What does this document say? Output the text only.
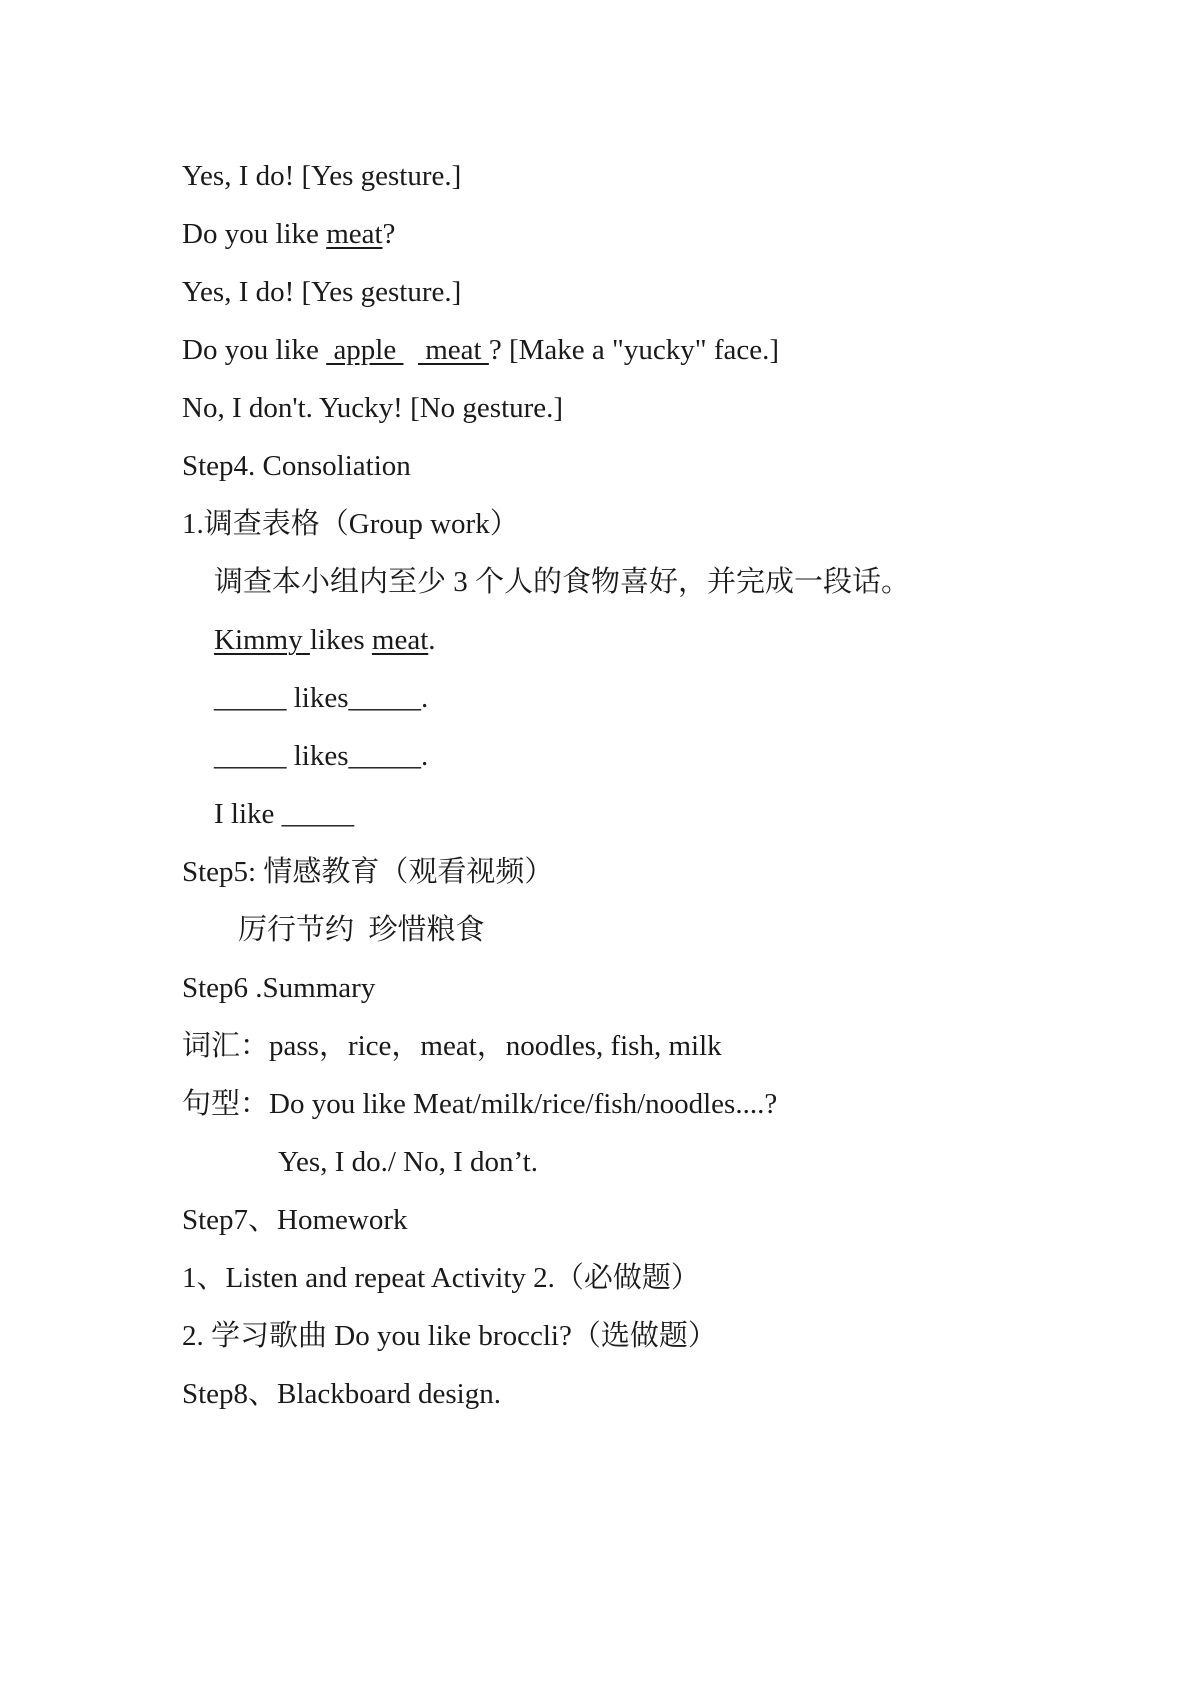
Yes, I do! [Yes gesture.]
Do you like meat?
Yes, I do! [Yes gesture.]
Do you like  apple    meat ? [Make a "yucky" face.]
No, I don't. Yucky! [No gesture.]
Step4. Consoliation
1.调查表格（Group work）
调查本小组内至少 3 个人的食物喜好，并完成一段话。
Kimmy likes meat.
_____ likes_____.
_____ likes_____.
I like _____
Step5: 情感教育（观看视频）
厉行节约  珍惜粮食
Step6 .Summary
词汇：pass，rice，meat，noodles, fish, milk
句型：Do you like Meat/milk/rice/fish/noodles....?
Yes, I do./ No, I don’t.
Step7、Homework
1、Listen and repeat Activity 2.（必做题）
2. 学习歌曲 Do you like broccli?（选做题）
Step8、Blackboard design.
